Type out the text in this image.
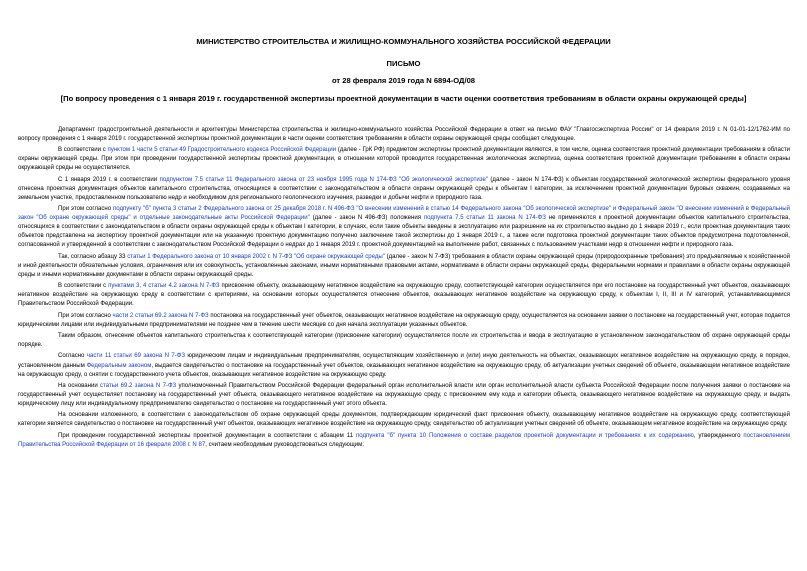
МИНИСТЕРСТВО СТРОИТЕЛЬСТВА И ЖИЛИЩНО-КОММУНАЛЬНОГО ХОЗЯЙСТВА РОССИЙСКОЙ ФЕДЕРАЦИИ
ПИСЬМО
от 28 февраля 2019 года N 6894-ОД/08
[По вопросу проведения с 1 января 2019 г. государственной экспертизы проектной документации в части оценки соответствия требованиям в области охраны окружающей среды]

Департамент градостроительной деятельности и архитектуры Министерства строительства и жилищно-коммунального хозяйства Российской Федерации в ответ на письмо ФАУ "Главгосэкспертиза России" от 14 февраля 2019 г. N 01-01-12/1762-ИМ по вопросу проведения с 1 января 2019 г. государственной экспертизы проектной документации в части оценки соответствия требованиям в области охраны окружающей среды сообщает следующее.

В соответствии с пунктом 1 части 5 статьи 49 Градостроительного кодекса Российской Федерации (далее - ГрК РФ) предметом экспертизы проектной документации являются, в том числе, оценка соответствия проектной документации требованиям в области охраны окружающей среды. При этом при проведении государственной экспертизы проектной документации, в отношении которой проводится государственная экологическая экспертиза, оценка соответствия проектной документации требованиям в области охраны окружающей среды не осуществляется.

С 1 января 2019 г. в соответствии подпунктом 7.5 статьи 11 Федерального закона от 23 ноября 1995 года N 174-ФЗ "Об экологической экспертизе" (далее - закон N 174-ФЗ) к объектам государственной экологической экспертизы федерального уровня отнесена проектная документация объектов капитального строительства, относящихся в соответствии с законодательством в области охраны окружающей среды к объектам I категории, за исключением проектной документации буровых скважин, создаваемых на земельном участке, предоставленном пользователю недр и необходимом для регионального геологического изучения, разведки и добычи нефти и природного газа.

При этом согласно подпункту "б" пункта 3 статьи 2 Федерального закона от 25 декабря 2018 г. N 496-ФЗ "О внесении изменений в статью 14 Федерального закона "Об экологической экспертизе" и Федеральный закон "О внесении изменений в Федеральный закон "Об охране окружающей среды" и отдельные законодательные акты Российской Федерации" (далее - закон N 496-ФЗ) положения подпункта 7.5 статьи 11 закона N 174-ФЗ не применяются к проектной документации объектов капитального строительства, относящихся в соответствии с законодательством в области охраны окружающей среды к объектам I категории, в случаях, если такие объекты введены в эксплуатацию или разрешение на их строительство выдано до 1 января 2019 г., если проектная документация таких объектов представлена на экспертизу проектной документации или на указанную проектную документацию получено заключение такой экспертизы до 1 января 2019 г., а также если подготовка проектной документации таких объектов предусмотрена подготовленной, согласованной и утвержденной в соответствии с законодательством Российской Федерации о недрах до 1 января 2019 г. проектной документацией на выполнение работ, связанных с пользованием участками недр в отношении нефти и природного газа.

Так, согласно абзацу 33 статьи 1 Федерального закона от 10 января 2002 г. N 7-ФЗ "Об охране окружающей среды" (далее - закон N 7-ФЗ) требования в области охраны окружающей среды (природоохранные требования) это предъявляемые к хозяйственной и иной деятельности обязательные условия, ограничения или их совокупность, установленные законами, иными нормативными правовыми актами, нормативами в области охраны окружающей среды, федеральными нормами и правилами в области охраны окружающей среды и иными нормативными документами в области охраны окружающей среды.

В соответствии с пунктами 3, 4 статьи 4.2 закона N 7-ФЗ присвоение объекту, оказывающему негативное воздействие на окружающую среду, соответствующей категории осуществляется при его постановке на государственный учет объектов, оказывающих негативное воздействие на окружающую среду в соответствии с критериями, на основании которых осуществляется отнесение объектов, оказывающих негативное воздействие на окружающую среду, к объектам I, II, III и IV категорий, устанавливающимися Правительством Российской Федерации.

При этом согласно части 2 статьи 69.2 закона N 7-ФЗ постановка на государственный учет объектов, оказывающих негативное воздействие на окружающую среду, осуществляется на основании заявки о постановке на государственный учет, которая подается юридическими лицами или индивидуальными предпринимателями не позднее чем в течение шести месяцев со дня начала эксплуатации указанных объектов.

Таким образом, отнесение объектов капитального строительства к соответствующей категории (присвоение категории) осуществляется после их строительства и ввода в эксплуатацию в установленном законодательством об охране окружающей среды порядке.

Согласно части 11 статьи 69 закона N 7-ФЗ юридическим лицам и индивидуальным предпринимателям, осуществляющим хозяйственную и (или) иную деятельность на объектах, оказывающих негативное воздействие на окружающую среду, в порядке, установленном данным Федеральным законом, выдается свидетельство о постановке на государственный учет объектов, оказывающих негативное воздействие на окружающую среду, об актуализации учетных сведений об объекте, оказывающем негативное воздействие на окружающую среду, о снятии с государственного учета объектов, оказывающих негативное воздействие на окружающую среду.

На основании статьи 69.2 закона N 7-ФЗ уполномоченный Правительством Российской Федерации федеральный орган исполнительной власти или орган исполнительной власти субъекта Российской Федерации после получения заявки о постановке на государственный учет осуществляет постановку на государственный учет объекта, оказывающего негативное воздействие на окружающую среду, с присвоением ему кода и категории объекта, оказывающего негативное воздействие на окружающую среду, и выдать юридическому лицу или индивидуальному предпринимателю свидетельство о постановке на государственный учет этого объекта.

На основании изложенного, в соответствии с законодательством об охране окружающей среды документом, подтверждающим юридический факт присвоения объекту, оказывающему негативное воздействие на окружающую среду, соответствующей категории является свидетельство о постановке на государственный учет объектов, оказывающих негативное воздействие на окружающую среду, свидетельство об актуализации учетных сведений об объекте, оказывающем негативное воздействие на окружающую среду.

При проведении государственной экспертизы проектной документации в соответствии с абзацем 11 подпункта "б" пункта 10 Положения о составе разделов проектной документации и требованиях к их содержанию, утвержденного постановлением Правительства Российской Федерации от 16 февраля 2008 г. N 87, считаем необходимым руководствоваться следующим:
